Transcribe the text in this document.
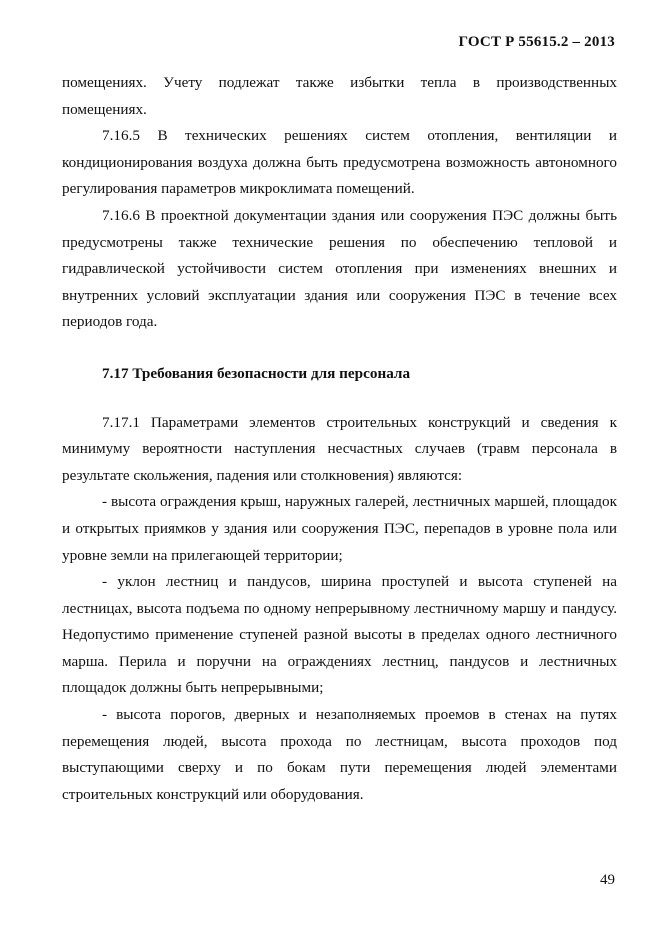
ГОСТ Р 55615.2 – 2013

помещениях. Учету подлежат также избытки тепла в производственных помещениях.

7.16.5 В технических решениях систем отопления, вентиляции и кондиционирования воздуха должна быть предусмотрена возможность автономного регулирования параметров микроклимата помещений.

7.16.6 В проектной документации здания или сооружения ПЭС должны быть предусмотрены также технические решения по обеспечению тепловой и гидравлической устойчивости систем отопления при изменениях внешних и внутренних условий эксплуатации здания или сооружения ПЭС в течение всех периодов года.

7.17 Требования безопасности для персонала

7.17.1 Параметрами элементов строительных конструкций и сведения к минимуму вероятности наступления несчастных случаев (травм персонала в результате скольжения, падения или столкновения) являются:

- высота ограждения крыш, наружных галерей, лестничных маршей, площадок и открытых приямков у здания или сооружения ПЭС, перепадов в уровне пола или уровне земли на прилегающей территории;

- уклон лестниц и пандусов, ширина проступей и высота ступеней на лестницах, высота подъема по одному непрерывному лестничному маршу и пандусу. Недопустимо применение ступеней разной высоты в пределах одного лестничного марша. Перила и поручни на ограждениях лестниц, пандусов и лестничных площадок должны быть непрерывными;

- высота порогов, дверных и незаполняемых проемов в стенах на путях перемещения людей, высота прохода по лестницам, высота проходов под выступающими сверху и по бокам пути перемещения людей элементами строительных конструкций или оборудования.

49
